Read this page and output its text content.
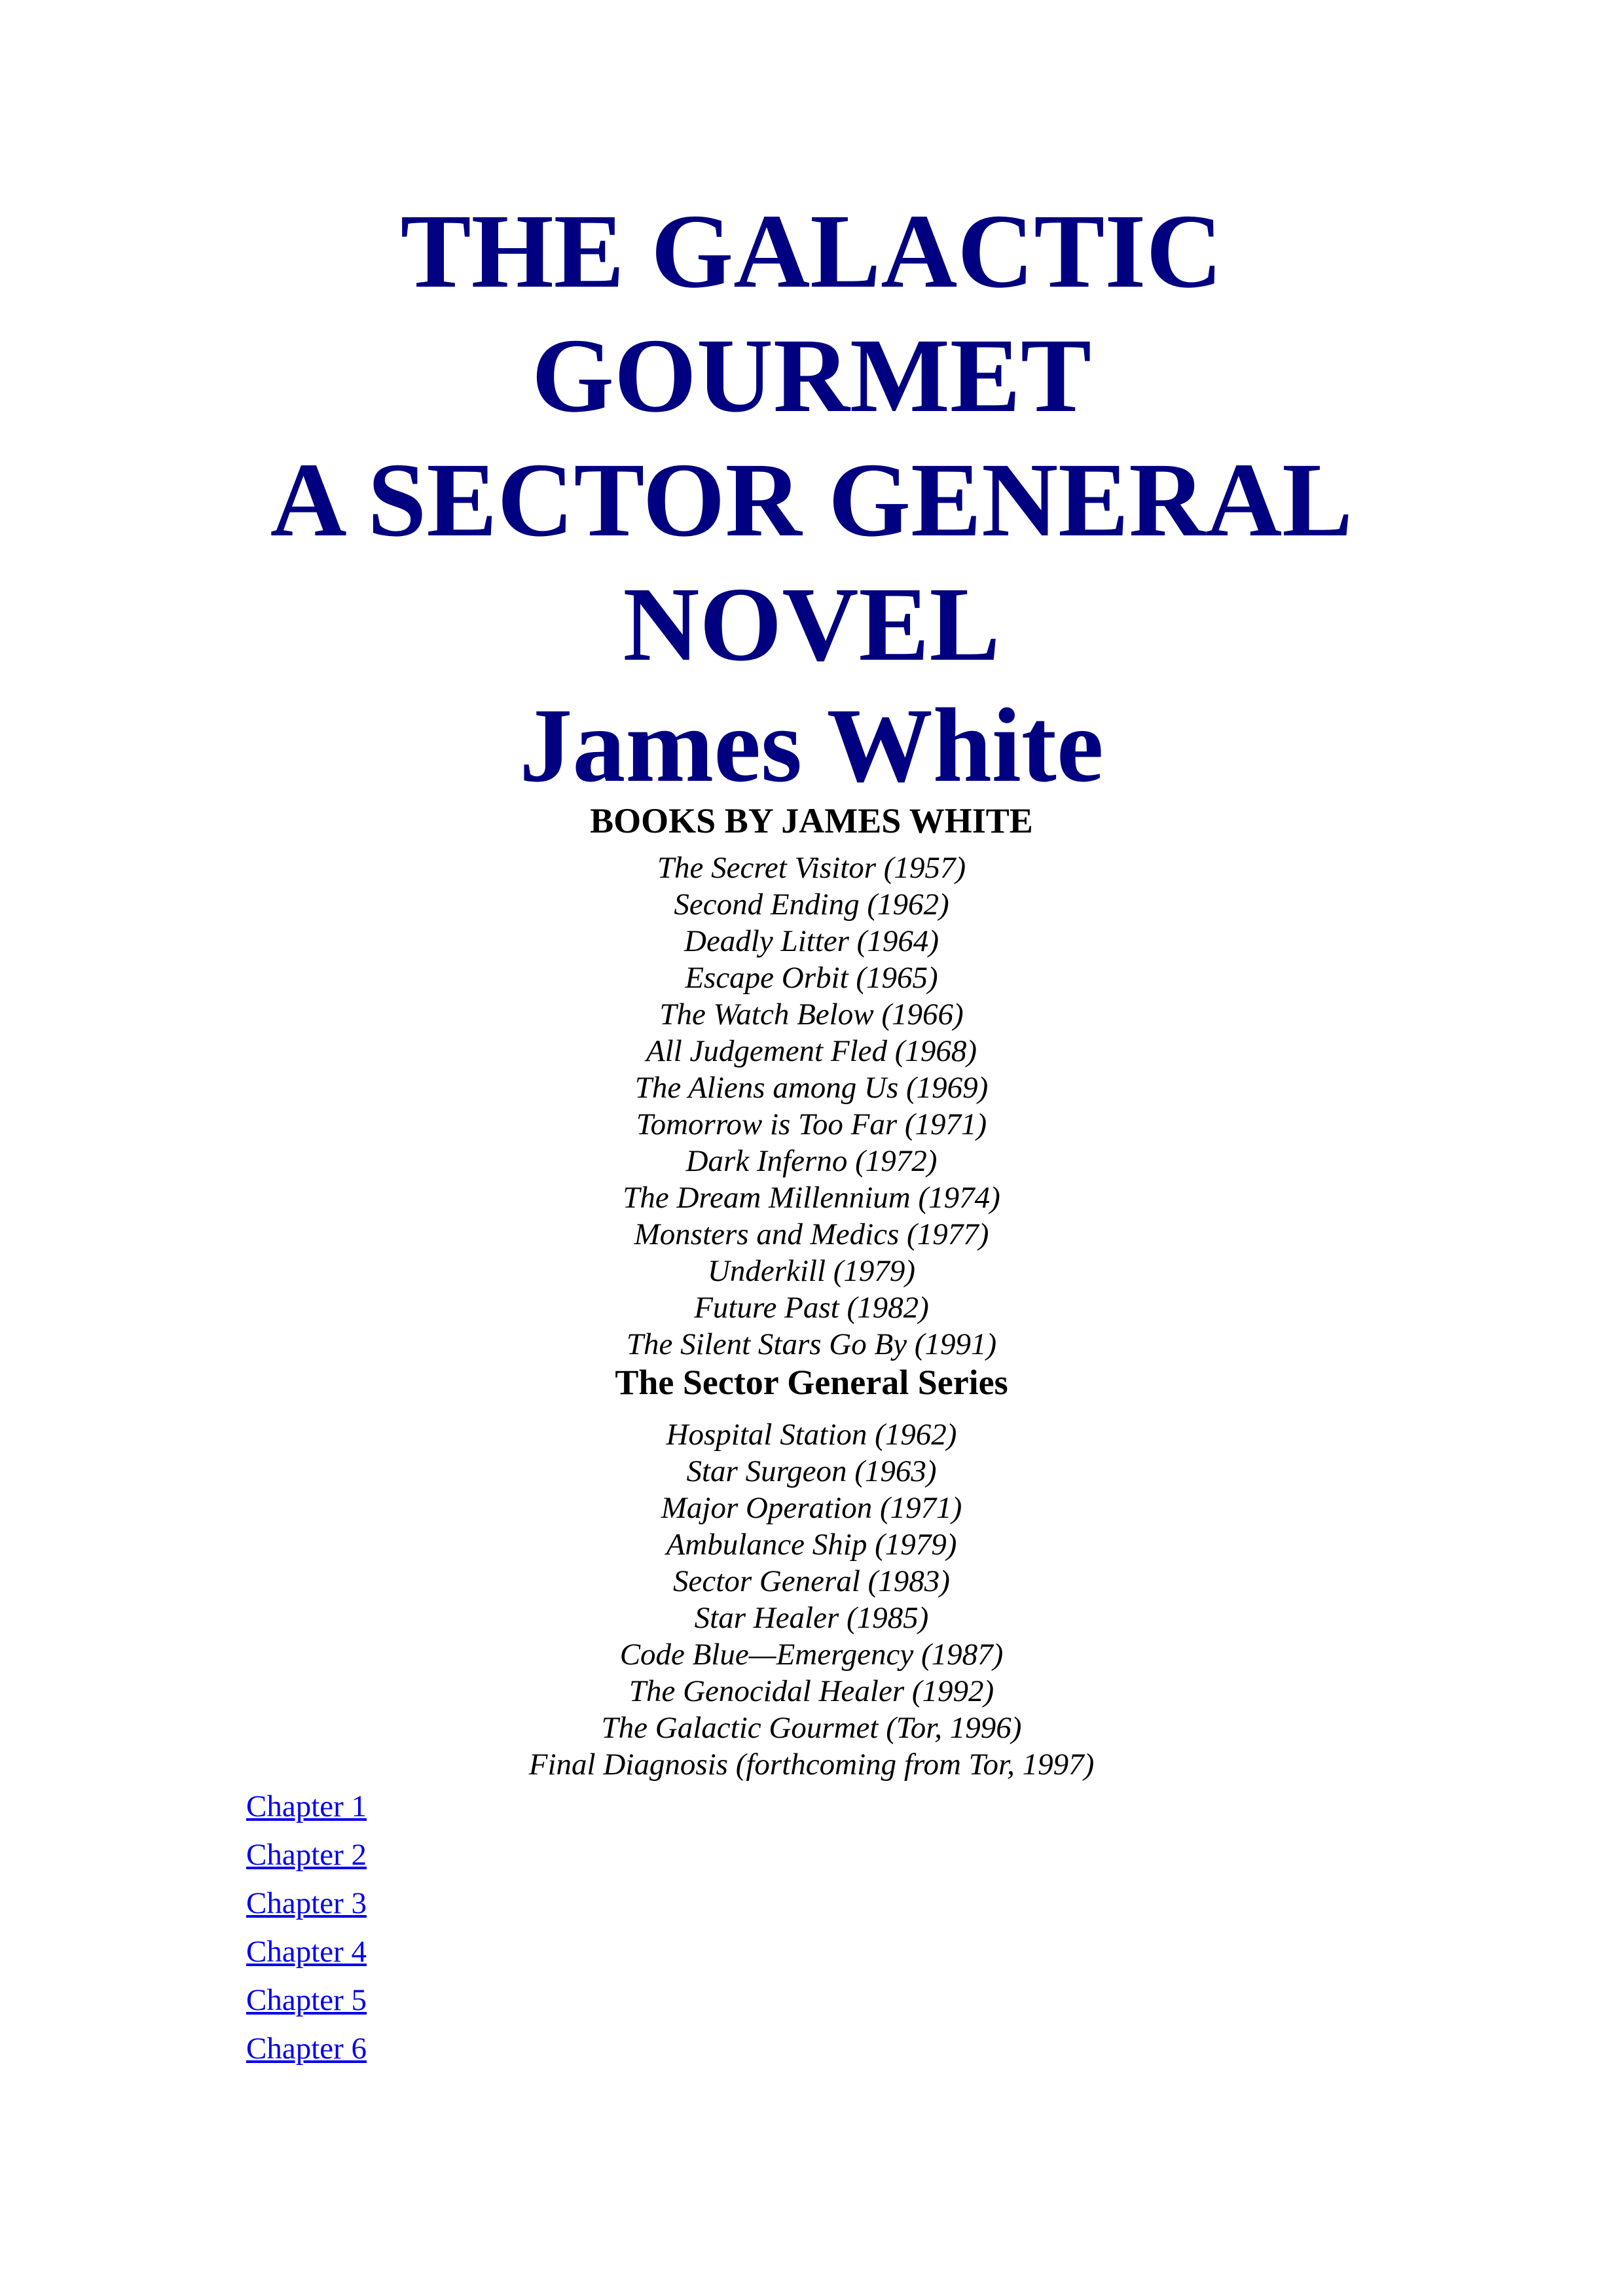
THE GALACTIC
GOURMET
A SECTOR GENERAL
NOVEL
James White
BOOKS BY JAMES WHITE
The Secret Visitor (1957)
Second Ending (1962)
Deadly Litter (1964)
Escape Orbit (1965)
The Watch Below (1966)
All Judgement Fled (1968)
The Aliens among Us (1969)
Tomorrow is Too Far (1971)
Dark Inferno (1972)
The Dream Millennium (1974)
Monsters and Medics (1977)
Underkill (1979)
Future Past (1982)
The Silent Stars Go By (1991)
The Sector General Series
Hospital Station (1962)
Star Surgeon (1963)
Major Operation (1971)
Ambulance Ship (1979)
Sector General (1983)
Star Healer (1985)
Code Blue—Emergency (1987)
The Genocidal Healer (1992)
The Galactic Gourmet (Tor, 1996)
Final Diagnosis (forthcoming from Tor, 1997)
Chapter 1
Chapter 2
Chapter 3
Chapter 4
Chapter 5
Chapter 6
